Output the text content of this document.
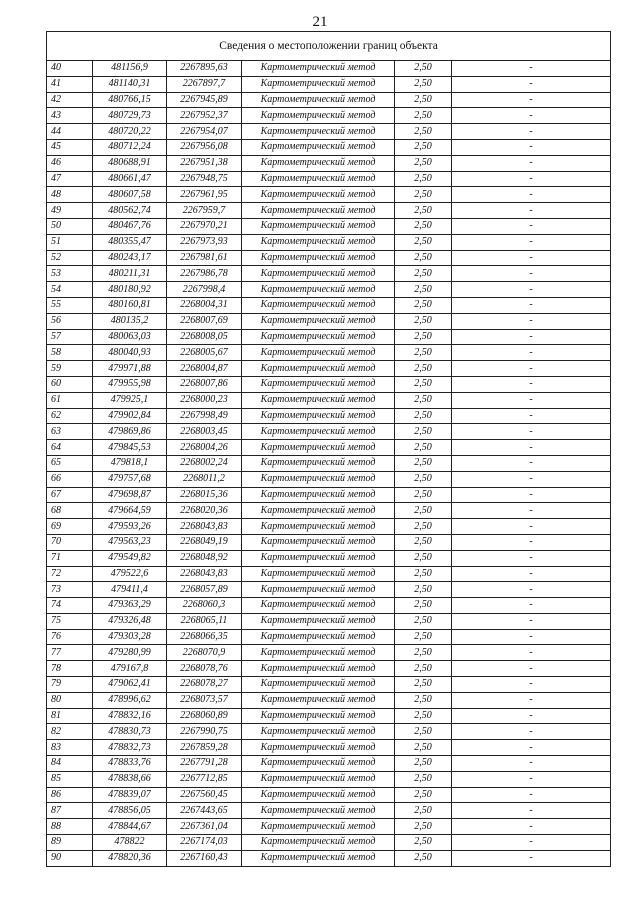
21
Сведения о местоположении границ объекта					
40	481156,9	2267895,63	Картометрический метод	2,50	-
41	481140,31	2267897,7	Картометрический метод	2,50	-
42	480766,15	2267945,89	Картометрический метод	2,50	-
43	480729,73	2267952,37	Картометрический метод	2,50	-
44	480720,22	2267954,07	Картометрический метод	2,50	-
45	480712,24	2267956,08	Картометрический метод	2,50	-
46	480688,91	2267951,38	Картометрический метод	2,50	-
47	480661,47	2267948,75	Картометрический метод	2,50	-
48	480607,58	2267961,95	Картометрический метод	2,50	-
49	480562,74	2267959,7	Картометрический метод	2,50	-
50	480467,76	2267970,21	Картометрический метод	2,50	-
51	480355,47	2267973,93	Картометрический метод	2,50	-
52	480243,17	2267981,61	Картометрический метод	2,50	-
53	480211,31	2267986,78	Картометрический метод	2,50	-
54	480180,92	2267998,4	Картометрический метод	2,50	-
55	480160,81	2268004,31	Картометрический метод	2,50	-
56	480135,2	2268007,69	Картометрический метод	2,50	-
57	480063,03	2268008,05	Картометрический метод	2,50	-
58	480040,93	2268005,67	Картометрический метод	2,50	-
59	479971,88	2268004,87	Картометрический метод	2,50	-
60	479955,98	2268007,86	Картометрический метод	2,50	-
61	479925,1	2268000,23	Картометрический метод	2,50	-
62	479902,84	2267998,49	Картометрический метод	2,50	-
63	479869,86	2268003,45	Картометрический метод	2,50	-
64	479845,53	2268004,26	Картометрический метод	2,50	-
65	479818,1	2268002,24	Картометрический метод	2,50	-
66	479757,68	2268011,2	Картометрический метод	2,50	-
67	479698,87	2268015,36	Картометрический метод	2,50	-
68	479664,59	2268020,36	Картометрический метод	2,50	-
69	479593,26	2268043,83	Картометрический метод	2,50	-
70	479563,23	2268049,19	Картометрический метод	2,50	-
71	479549,82	2268048,92	Картометрический метод	2,50	-
72	479522,6	2268043,83	Картометрический метод	2,50	-
73	479411,4	2268057,89	Картометрический метод	2,50	-
74	479363,29	2268060,3	Картометрический метод	2,50	-
75	479326,48	2268065,11	Картометрический метод	2,50	-
76	479303,28	2268066,35	Картометрический метод	2,50	-
77	479280,99	2268070,9	Картометрический метод	2,50	-
78	479167,8	2268078,76	Картометрический метод	2,50	-
79	479062,41	2268078,27	Картометрический метод	2,50	-
80	478996,62	2268073,57	Картометрический метод	2,50	-
81	478832,16	2268060,89	Картометрический метод	2,50	-
82	478830,73	2267990,75	Картометрический метод	2,50	-
83	478832,73	2267859,28	Картометрический метод	2,50	-
84	478833,76	2267791,28	Картометрический метод	2,50	-
85	478838,66	2267712,85	Картометрический метод	2,50	-
86	478839,07	2267560,45	Картометрический метод	2,50	-
87	478856,05	2267443,65	Картометрический метод	2,50	-
88	478844,67	2267361,04	Картометрический метод	2,50	-
89	478822	2267174,03	Картометрический метод	2,50	-
90	478820,36	2267160,43	Картометрический метод	2,50	-
